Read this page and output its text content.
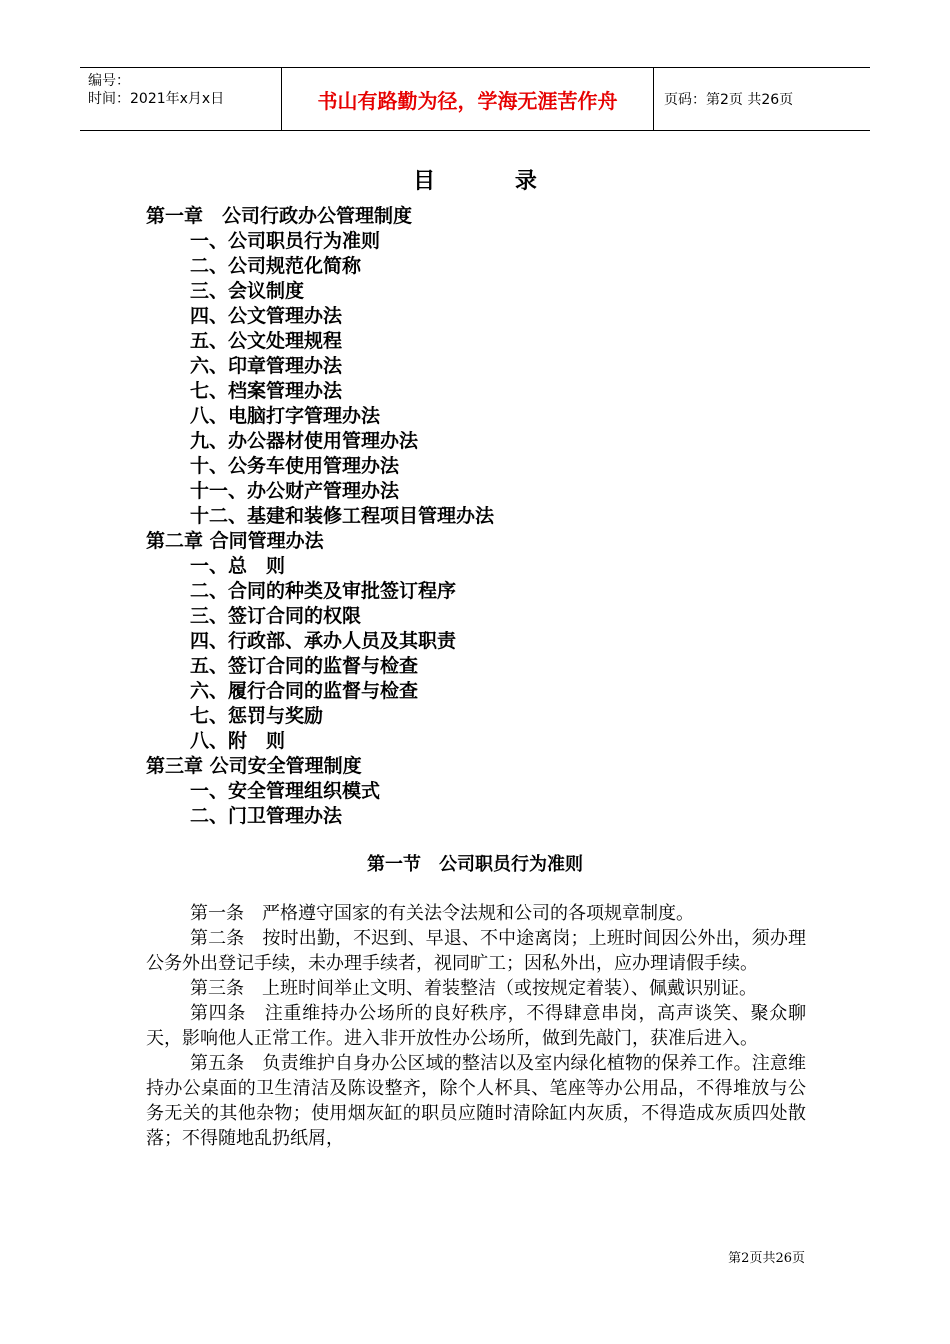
编号：
时间：2021年x月x日	书山有路勤为径，学海无涯苦作舟	页码：第2页 共26页
目 录
第一章　公司行政办公管理制度
一、公司职员行为准则
二、公司规范化简称
三、会议制度
四、公文管理办法
五、公文处理规程
六、印章管理办法
七、档案管理办法
八、电脑打字管理办法
九、办公器材使用管理办法
十、公务车使用管理办法
十一、办公财产管理办法
十二、基建和装修工程项目管理办法
第二章 合同管理办法
一、总　则
二、合同的种类及审批签订程序
三、签订合同的权限
四、行政部、承办人员及其职责
五、签订合同的监督与检查
六、履行合同的监督与检查
七、惩罚与奖励
八、附　则
第三章 公司安全管理制度
一、安全管理组织模式
二、门卫管理办法
第一节　公司职员行为准则

第一条　严格遵守国家的有关法令法规和公司的各项规章制度。

第二条　按时出勤，不迟到、早退、不中途离岗；上班时间因公外出，须办理公务外出登记手续，未办理手续者，视同旷工；因私外出，应办理请假手续。

第三条　上班时间举止文明、着装整洁（或按规定着装）、佩戴识别证。

第四条　注重维持办公场所的良好秩序，不得肆意串岗，高声谈笑、聚众聊天，影响他人正常工作。进入非开放性办公场所，做到先敲门，获准后进入。

第五条　负责维护自身办公区域的整洁以及室内绿化植物的保养工作。注意维持办公桌面的卫生清洁及陈设整齐，除个人杯具、笔座等办公用品，不得堆放与公务无关的其他杂物；使用烟灰缸的职员应随时清除缸内灰质，不得造成灰质四处散落；不得随地乱扔纸屑，

第2页共26页
